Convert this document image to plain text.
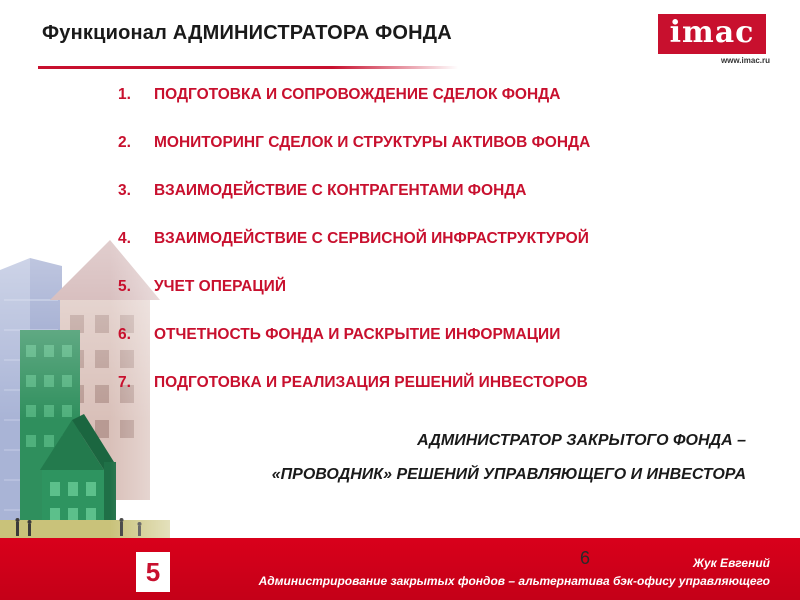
Функционал АДМИНИСТРАТОРА ФОНДА	imac
www.imac.ru
1.	ПОДГОТОВКА И СОПРОВОЖДЕНИЕ СДЕЛОК ФОНДА
2.	МОНИТОРИНГ СДЕЛОК И СТРУКТУРЫ АКТИВОВ ФОНДА
3.	ВЗАИМОДЕЙСТВИЕ С КОНТРАГЕНТАМИ ФОНДА
4.	ВЗАИМОДЕЙСТВИЕ С СЕРВИСНОЙ ИНФРАСТРУКТУРОЙ
5.	УЧЕТ ОПЕРАЦИЙ
6.	ОТЧЕТНОСТЬ ФОНДА И РАСКРЫТИЕ ИНФОРМАЦИИ
7.	ПОДГОТОВКА И РЕАЛИЗАЦИЯ РЕШЕНИЙ ИНВЕСТОРОВ
АДМИНИСТРАТОР ЗАКРЫТОГО ФОНДА –
«ПРОВОДНИК» РЕШЕНИЙ УПРАВЛЯЮЩЕГО И ИНВЕСТОРА
5	6	Жук Евгений
Администрирование закрытых фондов – альтернатива бэк-офису управляющего
